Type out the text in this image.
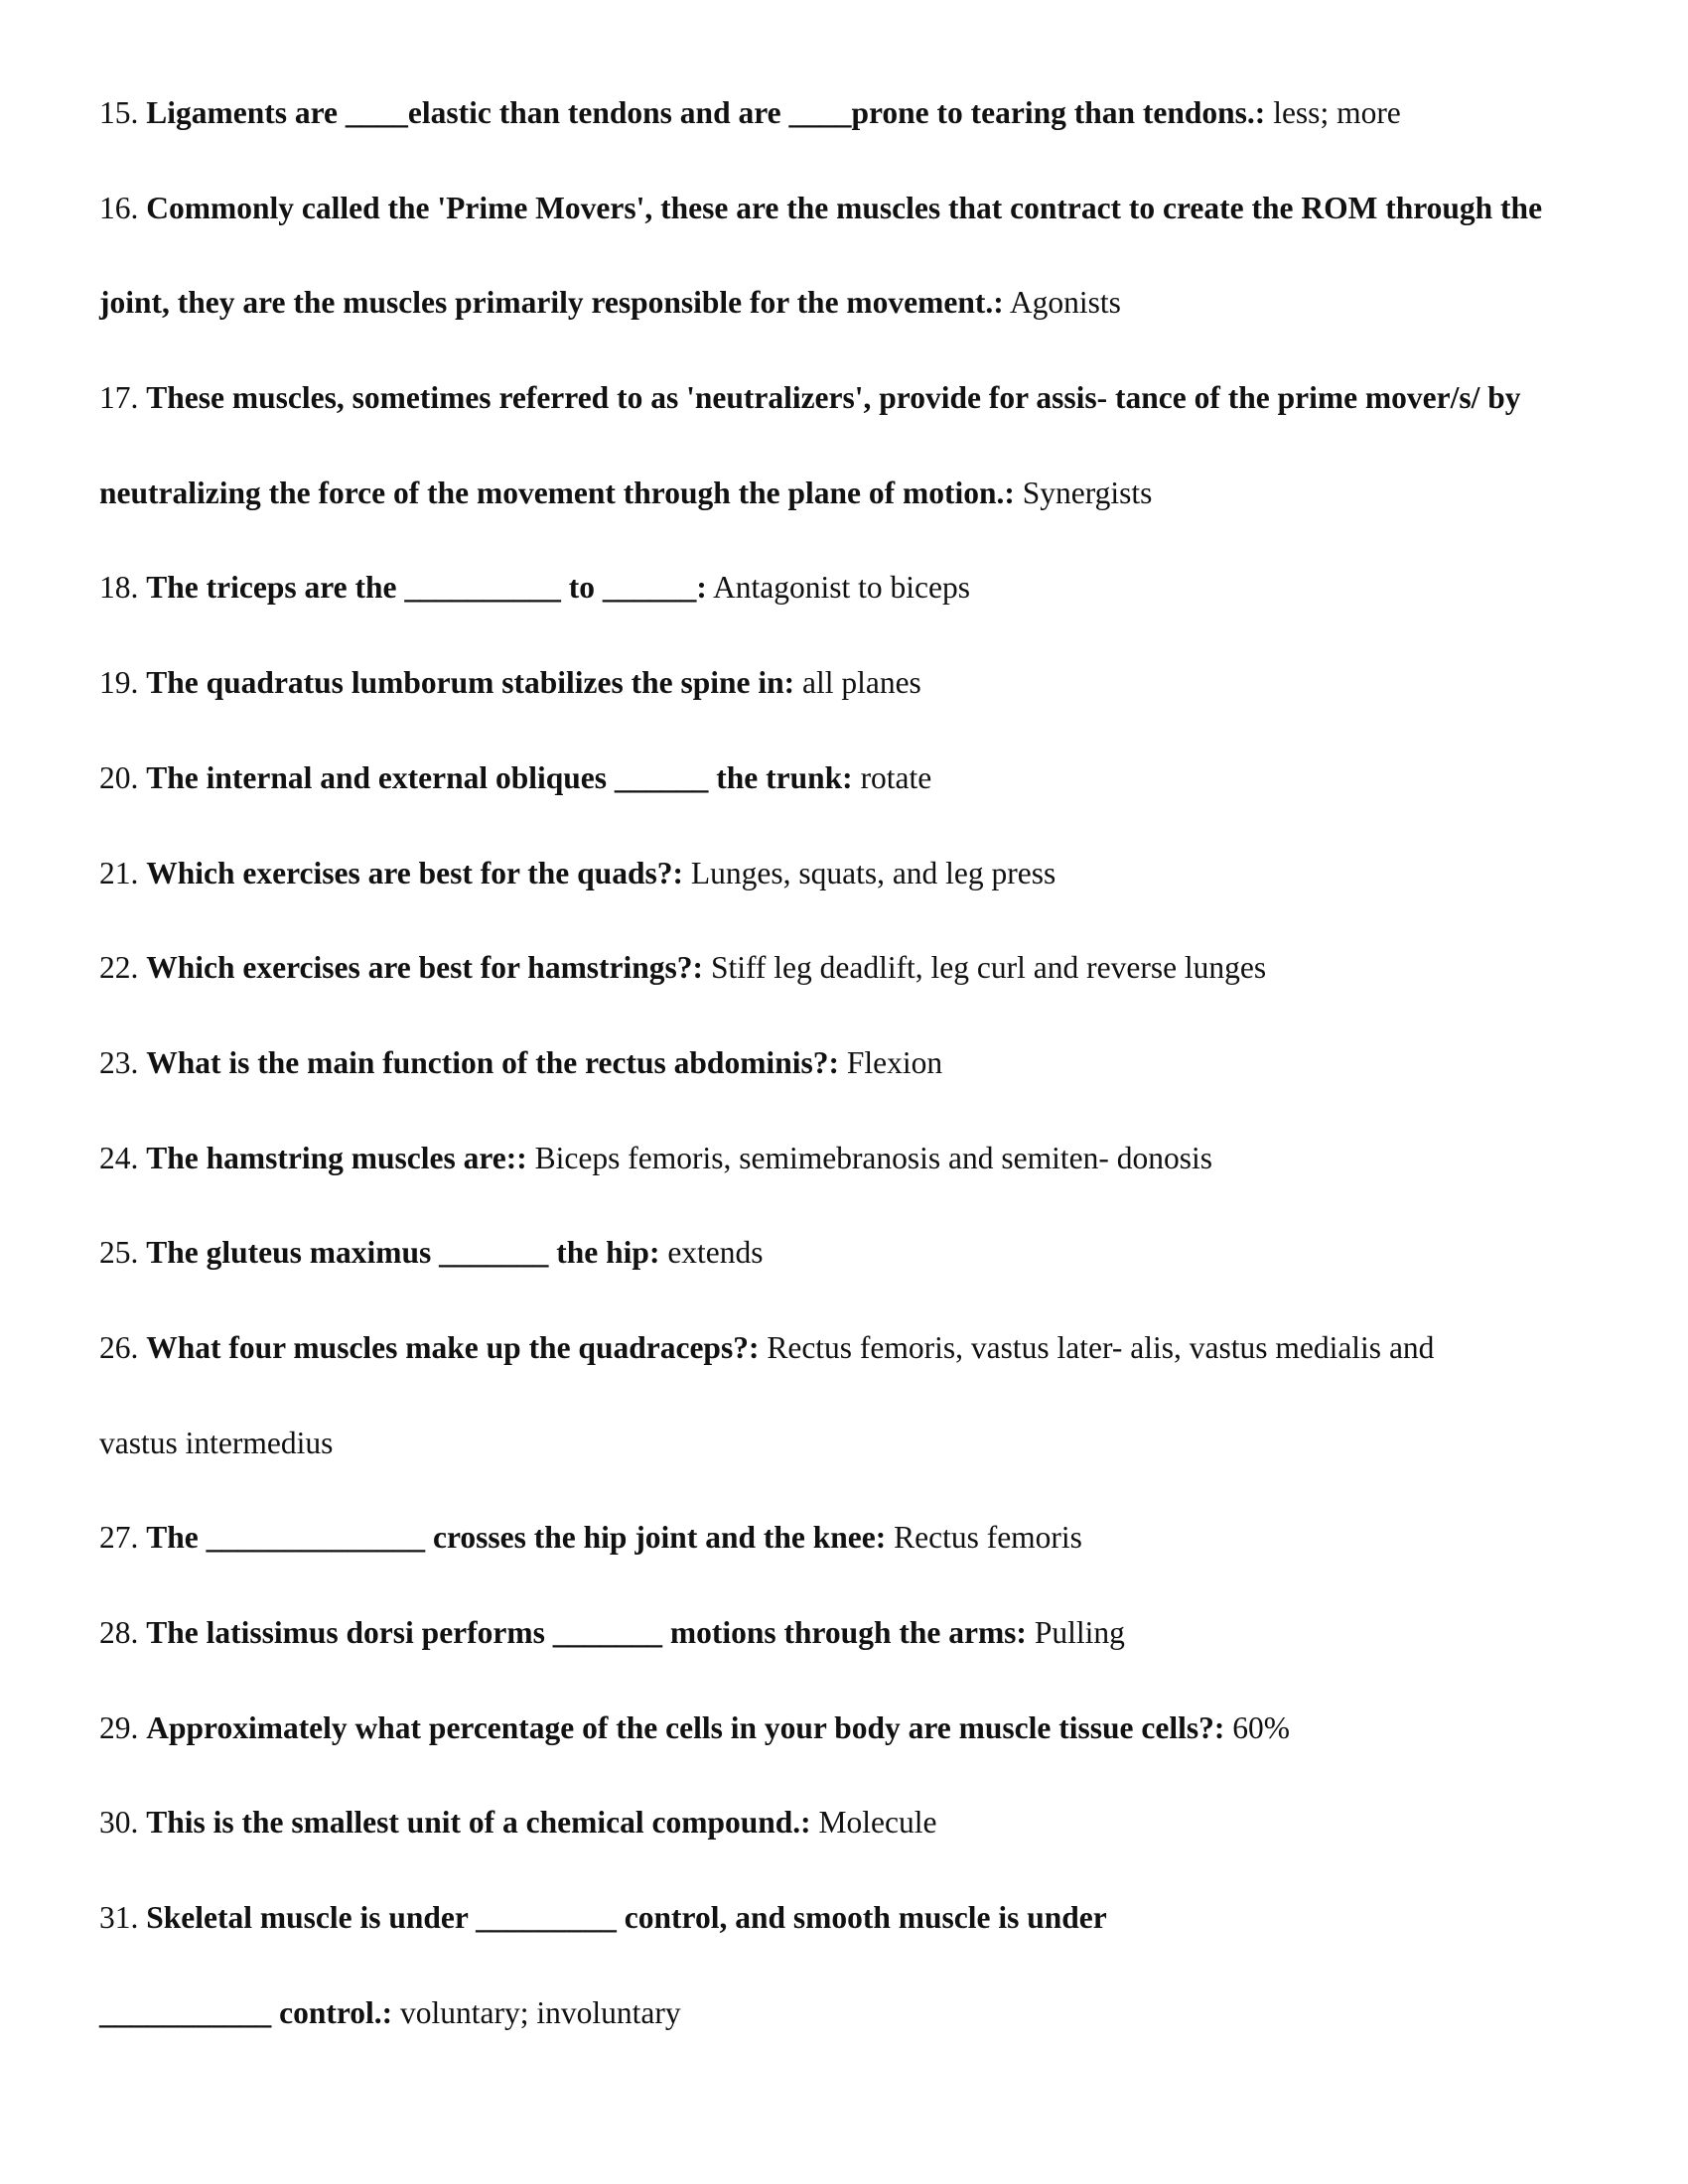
15. Ligaments are ____elastic than tendons and are ____prone to tearing than tendons.: less; more
16. Commonly called the 'Prime Movers', these are the muscles that contract to create the ROM through the
joint, they are the muscles primarily responsible for the movement.: Agonists
17. These muscles, sometimes referred to as 'neutralizers', provide for assis- tance of the prime mover/s/ by
neutralizing the force of the movement through the plane of motion.: Synergists
18. The triceps are the __________ to ______: Antagonist to biceps
19. The quadratus lumborum stabilizes the spine in: all planes
20. The internal and external obliques ______ the trunk: rotate
21. Which exercises are best for the quads?: Lunges, squats, and leg press
22. Which exercises are best for hamstrings?: Stiff leg deadlift, leg curl and reverse lunges
23. What is the main function of the rectus abdominis?: Flexion
24. The hamstring muscles are:: Biceps femoris, semimebranosis and semiten- donosis
25. The gluteus maximus _______ the hip: extends
26. What four muscles make up the quadraceps?: Rectus femoris, vastus later- alis, vastus medialis and
vastus intermedius
27. The ______________ crosses the hip joint and the knee: Rectus femoris
28. The latissimus dorsi performs _______ motions through the arms: Pulling
29. Approximately what percentage of the cells in your body are muscle tissue cells?: 60%
30. This is the smallest unit of a chemical compound.: Molecule
31. Skeletal muscle is under _________ control, and smooth muscle is under
___________ control.: voluntary; involuntary
